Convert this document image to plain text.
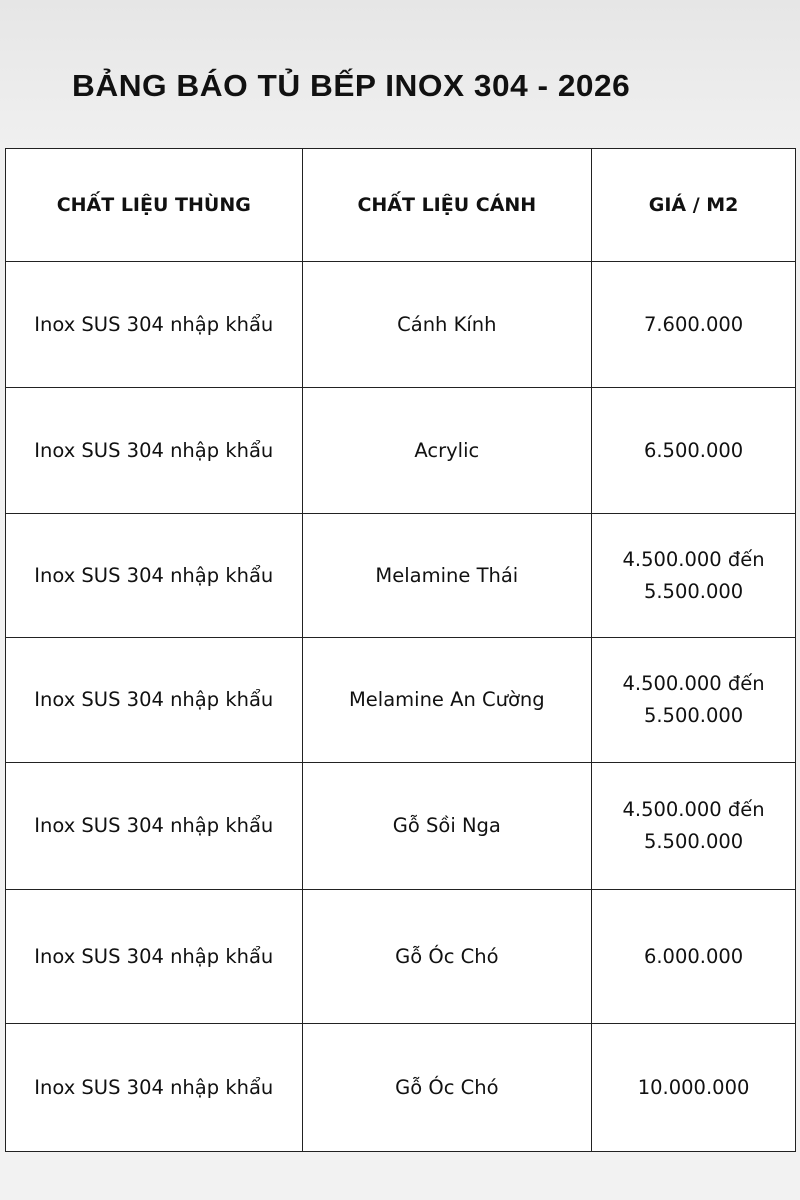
BẢNG BÁO TỦ BẾP INOX 304 - 2026
CHẤT LIỆU THÙNG	CHẤT LIỆU CÁNH	GIÁ / M2
Inox SUS 304 nhập khẩu	Cánh Kính	7.600.000
Inox SUS 304 nhập khẩu	Acrylic	6.500.000
Inox SUS 304 nhập khẩu	Melamine Thái	4.500.000 đến 5.500.000
Inox SUS 304 nhập khẩu	Melamine An Cường	4.500.000 đến 5.500.000
Inox SUS 304 nhập khẩu	Gỗ Sồi Nga	4.500.000 đến 5.500.000
Inox SUS 304 nhập khẩu	Gỗ Óc Chó	6.000.000
Inox SUS 304 nhập khẩu	Gỗ Óc Chó	10.000.000
